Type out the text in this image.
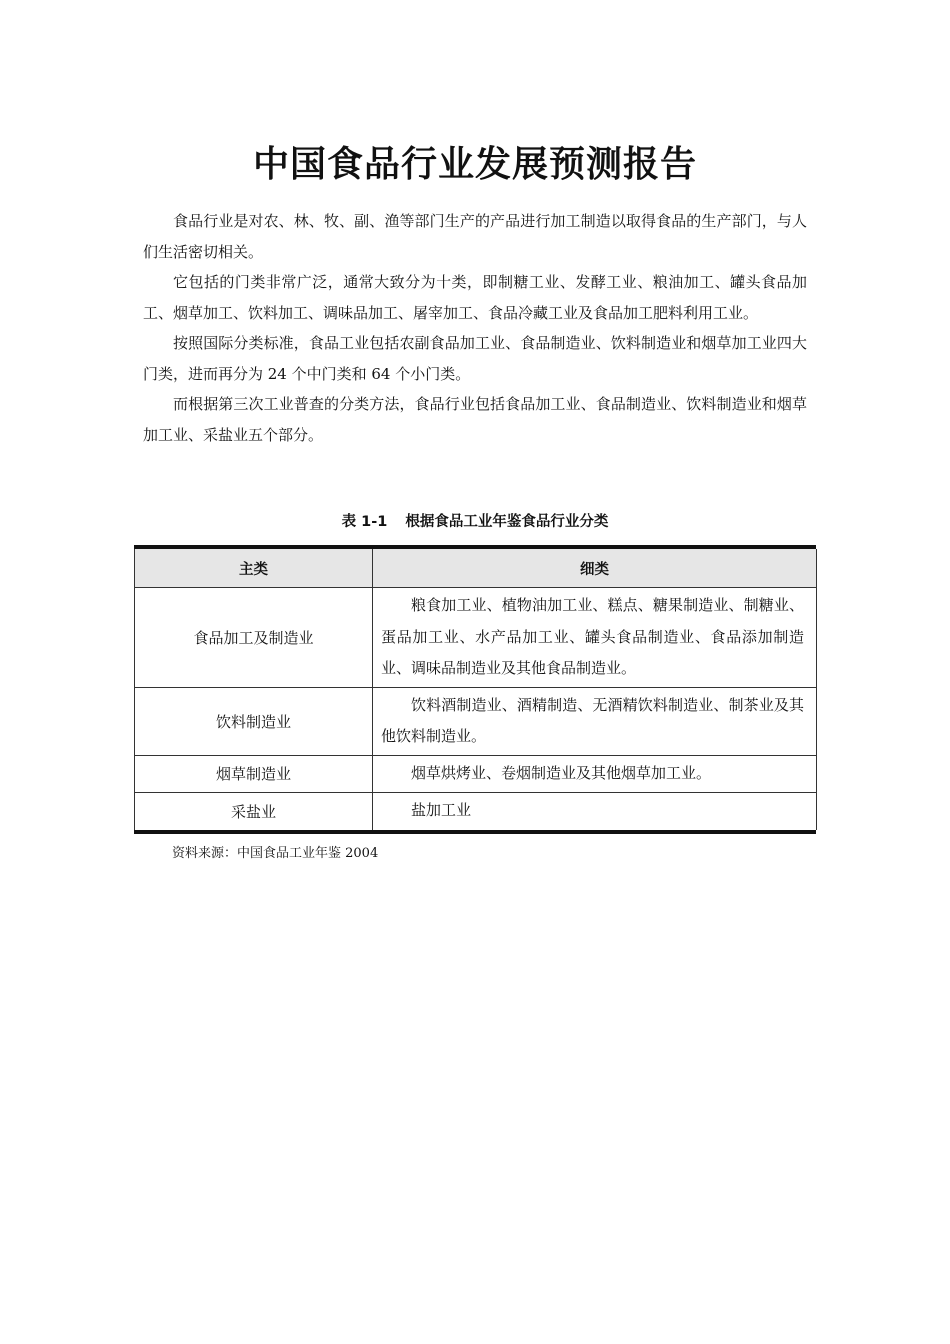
中国食品行业发展预测报告

食品行业是对农、林、牧、副、渔等部门生产的产品进行加工制造以取得食品的生产部门，与人们生活密切相关。

它包括的门类非常广泛，通常大致分为十类，即制糖工业、发酵工业、粮油加工、罐头食品加工、烟草加工、饮料加工、调味品加工、屠宰加工、食品冷藏工业及食品加工肥料利用工业。

按照国际分类标准，食品工业包括农副食品加工业、食品制造业、饮料制造业和烟草加工业四大门类，进而再分为 24 个中门类和 64 个小门类。

而根据第三次工业普查的分类方法，食品行业包括食品加工业、食品制造业、饮料制造业和烟草加工业、采盐业五个部分。

表 1-1 根据食品工业年鉴食品行业分类
主类	细类
食品加工及制造业	粮食加工业、植物油加工业、糕点、糖果制造业、制糖业、蛋品加工业、水产品加工业、罐头食品制造业、食品添加制造业、调味品制造业及其他食品制造业。
饮料制造业	饮料酒制造业、酒精制造、无酒精饮料制造业、制茶业及其他饮料制造业。
烟草制造业	烟草烘烤业、卷烟制造业及其他烟草加工业。
采盐业	盐加工业
资料来源：中国食品工业年鉴 2004
